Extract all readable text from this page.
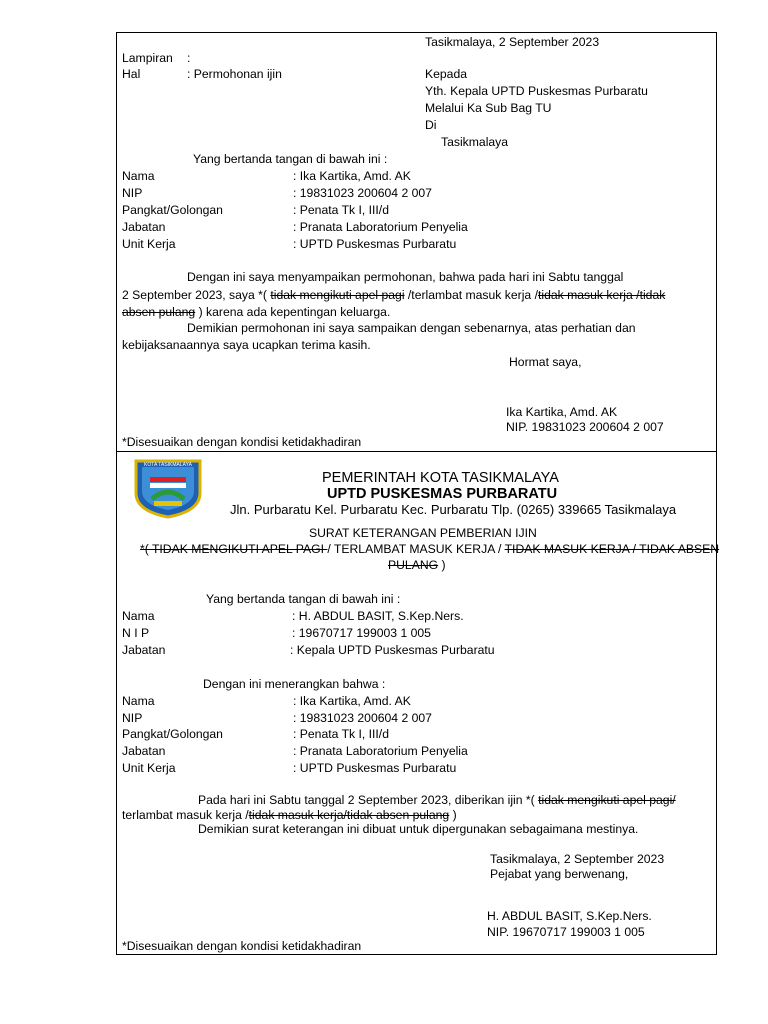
Tasikmalaya, 2 September 2023
Lampiran :
Hal	: Permohonan ijin	Kepada
Yth. Kepala UPTD Puskesmas Purbaratu
Melalui Ka Sub Bag TU
Di
Tasikmalaya
Yang bertanda tangan di bawah ini :
Nama	: Ika Kartika, Amd. AK
NIP	: 19831023 200604 2 007
Pangkat/Golongan	: Penata Tk I, III/d
Jabatan	: Pranata Laboratorium Penyelia
Unit Kerja	: UPTD Puskesmas Purbaratu
Dengan ini saya menyampaikan permohonan, bahwa pada hari ini Sabtu tanggal
2 September 2023, saya *( tidak mengikuti apel pagi /terlambat masuk kerja /tidak masuk kerja /tidak
absen pulang ) karena ada kepentingan keluarga.
Demikian permohonan ini saya sampaikan dengan sebenarnya, atas perhatian dan
kebijaksanaannya saya ucapkan terima kasih.
Hormat saya,
Ika Kartika, Amd. AK
NIP. 19831023 200604 2 007
*Disesuaikan dengan kondisi ketidakhadiran
KOTA TASIKMALAYA
PEMERINTAH KOTA TASIKMALAYA
UPTD PUSKESMAS PURBARATU
Jln. Purbaratu Kel. Purbaratu Kec. Purbaratu Tlp. (0265) 339665 Tasikmalaya
SURAT KETERANGAN PEMBERIAN IJIN
*( TIDAK MENGIKUTI APEL PAGI / TERLAMBAT MASUK KERJA / TIDAK MASUK KERJA / TIDAK ABSEN
PULANG )
Yang bertanda tangan di bawah ini :
Nama	: H. ABDUL BASIT, S.Kep.Ners.
N I P	: 19670717 199003 1 005
Jabatan	: Kepala UPTD Puskesmas Purbaratu
Dengan ini menerangkan bahwa :
Nama	: Ika Kartika, Amd. AK
NIP	: 19831023 200604 2 007
Pangkat/Golongan	: Penata Tk I, III/d
Jabatan	: Pranata Laboratorium Penyelia
Unit Kerja	: UPTD Puskesmas Purbaratu
Pada hari ini Sabtu tanggal 2 September 2023, diberikan ijin *( tidak mengikuti apel pagi/
terlambat masuk kerja /tidak masuk kerja/tidak absen pulang )
Demikian surat keterangan ini dibuat untuk dipergunakan sebagaimana mestinya.
Tasikmalaya, 2 September 2023
Pejabat yang berwenang,
H. ABDUL BASIT, S.Kep.Ners.
NIP. 19670717 199003 1 005
*Disesuaikan dengan kondisi ketidakhadiran
